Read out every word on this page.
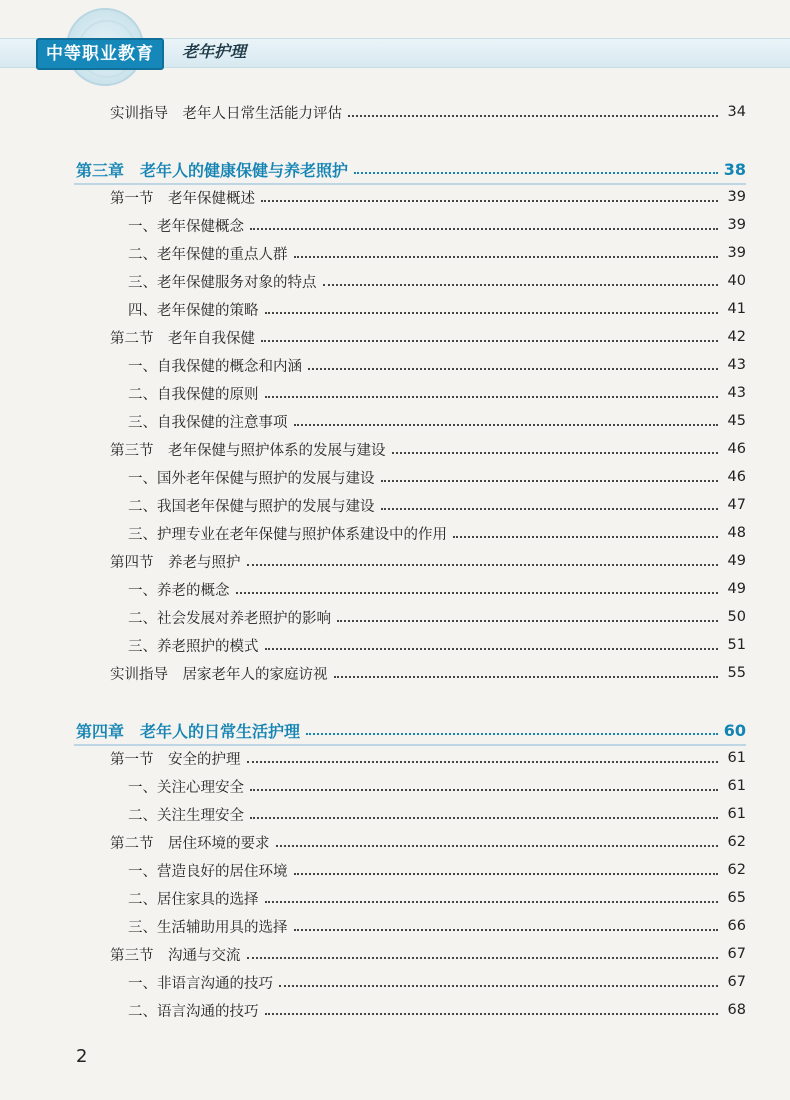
中等职业教育	老年护理
实训指导　老年人日常生活能力评估	34
第三章　老年人的健康保健与养老照护	38
第一节　老年保健概述	39
一、老年保健概念	39
二、老年保健的重点人群	39
三、老年保健服务对象的特点	40
四、老年保健的策略	41
第二节　老年自我保健	42
一、自我保健的概念和内涵	43
二、自我保健的原则	43
三、自我保健的注意事项	45
第三节　老年保健与照护体系的发展与建设	46
一、国外老年保健与照护的发展与建设	46
二、我国老年保健与照护的发展与建设	47
三、护理专业在老年保健与照护体系建设中的作用	48
第四节　养老与照护	49
一、养老的概念	49
二、社会发展对养老照护的影响	50
三、养老照护的模式	51
实训指导　居家老年人的家庭访视	55
第四章　老年人的日常生活护理	60
第一节　安全的护理	61
一、关注心理安全	61
二、关注生理安全	61
第二节　居住环境的要求	62
一、营造良好的居住环境	62
二、居住家具的选择	65
三、生活辅助用具的选择	66
第三节　沟通与交流	67
一、非语言沟通的技巧	67
二、语言沟通的技巧	68
2
